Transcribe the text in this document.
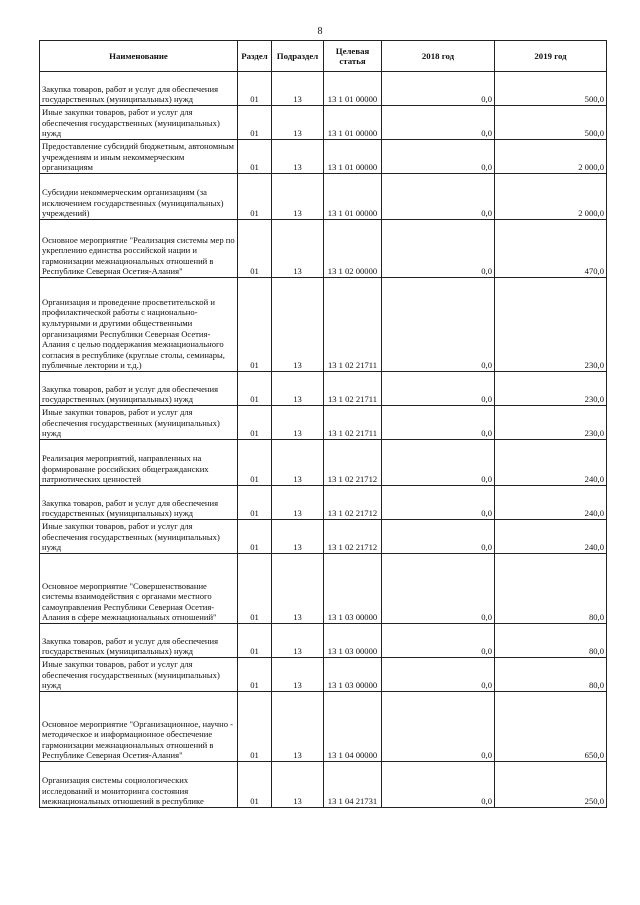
8
Наименование	Раздел	Подраздел	Целевая статья	2018 год	2019 год
Закупка товаров, работ и услуг для обеспечения государственных (муниципальных) нужд	01	13	13 1 01 00000	0,0	500,0
Иные закупки товаров, работ и услуг для обеспечения государственных (муниципальных) нужд	01	13	13 1 01 00000	0,0	500,0
Предоставление субсидий бюджетным, автономным учреждениям и иным некоммерческим организациям	01	13	13 1 01 00000	0,0	2 000,0
Субсидии некоммерческим организациям (за исключением государственных (муниципальных) учреждений)	01	13	13 1 01 00000	0,0	2 000,0
Основное мероприятие "Реализация системы мер по укреплению единства российской нации и гармонизации межнациональных отношений в Республике Северная Осетия-Алания"	01	13	13 1 02 00000	0,0	470,0
Организация и проведение просветительской и профилактической работы с национально-культурными и другими общественными организациями Республики Северная Осетия-Алания с целью поддержания межнационального согласия в республике (круглые столы, семинары, публичные лектории и т.д.)	01	13	13 1 02 21711	0,0	230,0
Закупка товаров, работ и услуг для обеспечения государственных (муниципальных) нужд	01	13	13 1 02 21711	0,0	230,0
Иные закупки товаров, работ и услуг для обеспечения государственных (муниципальных) нужд	01	13	13 1 02 21711	0,0	230,0
Реализация мероприятий, направленных на формирование российских общегражданских патриотических ценностей	01	13	13 1 02 21712	0,0	240,0
Закупка товаров, работ и услуг для обеспечения государственных (муниципальных) нужд	01	13	13 1 02 21712	0,0	240,0
Иные закупки товаров, работ и услуг для обеспечения государственных (муниципальных) нужд	01	13	13 1 02 21712	0,0	240,0
Основное мероприятие "Совершенствование системы взаимодействия с органами местного самоуправления Республики Северная Осетия-Алания в сфере межнациональных отношений"	01	13	13 1 03 00000	0,0	80,0
Закупка товаров, работ и услуг для обеспечения государственных (муниципальных) нужд	01	13	13 1 03 00000	0,0	80,0
Иные закупки товаров, работ и услуг для обеспечения государственных (муниципальных) нужд	01	13	13 1 03 00000	0,0	80,0
Основное мероприятие "Организационное, научно - методическое и информационное обеспечение гармонизации межнациональных отношений в Республике Северная Осетия-Алания"	01	13	13 1 04 00000	0,0	650,0
Организация системы социологических исследований и мониторинга состояния межнациональных отношений в республике	01	13	13 1 04 21731	0,0	250,0
